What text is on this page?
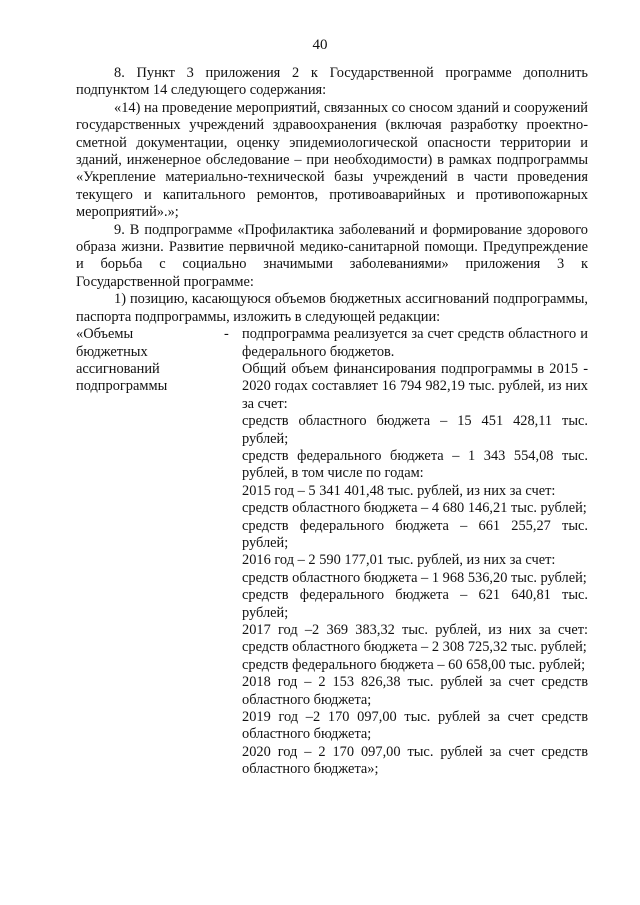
40

8. Пункт 3 приложения 2 к Государственной программе дополнить подпунктом 14 следующего содержания:

«14) на проведение мероприятий, связанных со сносом зданий и сооружений государственных учреждений здравоохранения (включая разработку проектно-сметной документации, оценку эпидемиологической опасности территории и зданий, инженерное обследование – при необходимости) в рамках подпрограммы «Укрепление материально-технической базы учреждений в части проведения текущего и капитального ремонтов, противоаварийных и противопожарных мероприятий».»;

9. В подпрограмме «Профилактика заболеваний и формирование здорового образа жизни. Развитие первичной медико-санитарной помощи. Предупреждение и борьба с социально значимыми заболеваниями» приложения 3 к Государственной программе:

1) позицию, касающуюся объемов бюджетных ассигнований подпрограммы, паспорта подпрограммы, изложить в следующей редакции:

«Объемы
бюджетных
ассигнований
подпрограммы
- подпрограмма реализуется за счет средств областного и федерального бюджетов.
Общий объем финансирования подпрограммы в 2015 - 2020 годах составляет 16 794 982,19 тыс. рублей, из них за счет:
средств областного бюджета – 15 451 428,11 тыс. рублей;
средств федерального бюджета – 1 343 554,08 тыс. рублей, в том числе по годам:
2015 год – 5 341 401,48 тыс. рублей, из них за счет:
средств областного бюджета – 4 680 146,21 тыс. рублей;
средств федерального бюджета – 661 255,27 тыс. рублей;
2016 год – 2 590 177,01 тыс. рублей, из них за счет:
средств областного бюджета – 1 968 536,20 тыс. рублей;
средств федерального бюджета – 621 640,81 тыс. рублей;
2017 год –2 369 383,32 тыс. рублей, из них за счет: средств областного бюджета – 2 308 725,32 тыс. рублей;
средств федерального бюджета – 60 658,00 тыс. рублей;
2018 год – 2 153 826,38 тыс. рублей за счет средств областного бюджета;
2019 год –2 170 097,00 тыс. рублей за счет средств областного бюджета;
2020 год – 2 170 097,00 тыс. рублей за счет средств областного бюджета»;
